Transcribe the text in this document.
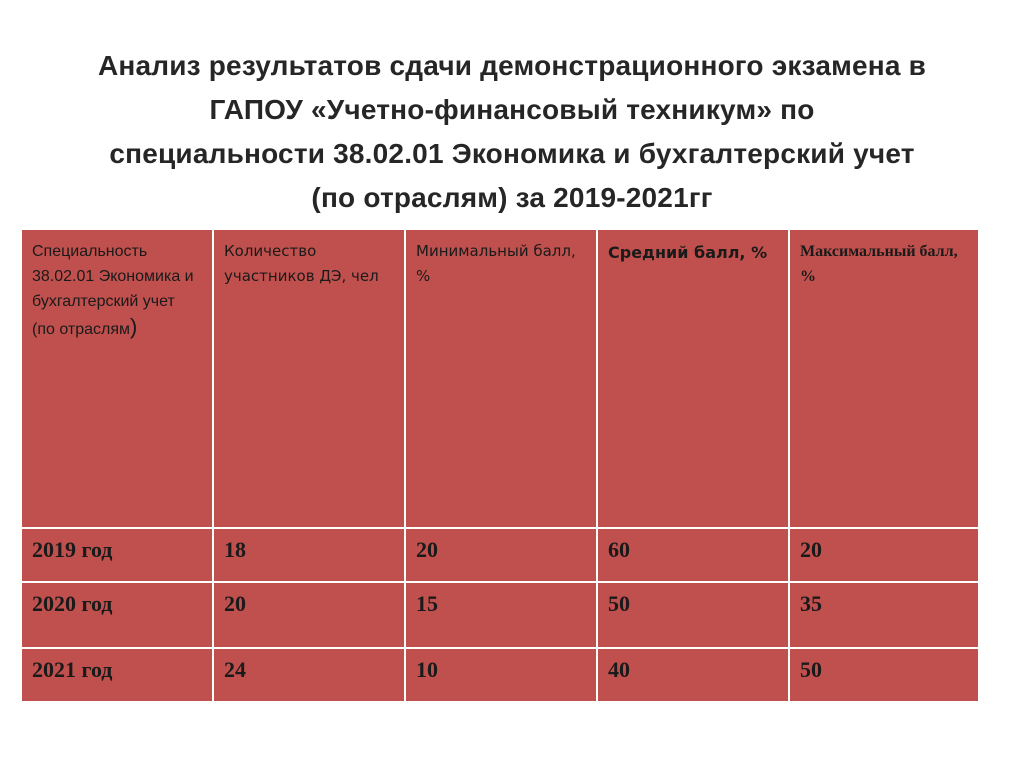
Анализ результатов сдачи демонстрационного экзамена в
ГАПОУ «Учетно-финансовый техникум» по
специальности 38.02.01 Экономика и бухгалтерский учет
(по отраслям) за 2019-2021гг
Специальность 38.02.01 Экономика и бухгалтерский учет (по отраслям)	Количество участников ДЭ, чел	Минимальный балл, %	Средний балл, %	Максимальный балл, %
2019 год	18	20	60	20
2020 год	20	15	50	35
2021 год	24	10	40	50
